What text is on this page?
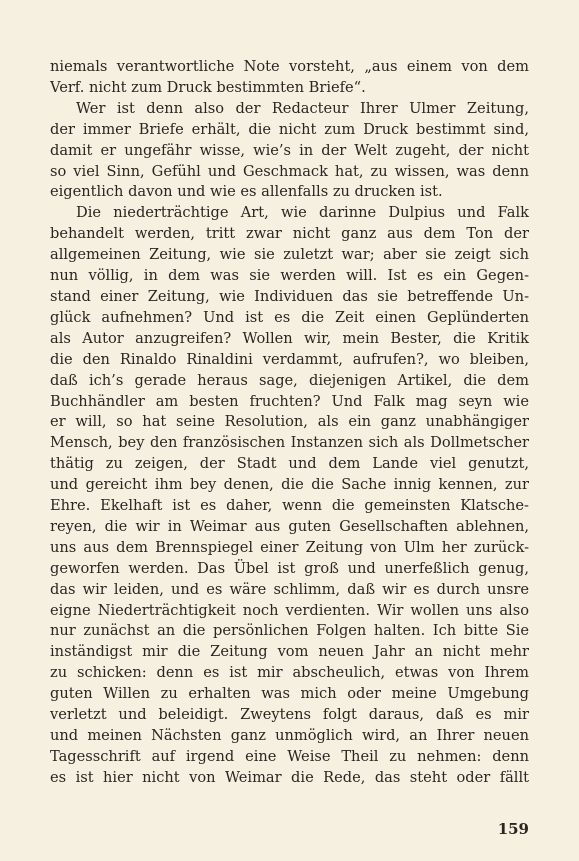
niemals verantwortliche Note vorsteht, „aus einem von dem
Verf. nicht zum Druck bestimmten Briefe“.
Wer ist denn also der Redacteur Ihrer Ulmer Zeitung,
der immer Briefe erhält, die nicht zum Druck bestimmt sind,
damit er ungefähr wisse, wie’s in der Welt zugeht, der nicht
so viel Sinn, Gefühl und Geschmack hat, zu wissen, was denn
eigentlich davon und wie es allenfalls zu drucken ist.
Die niederträchtige Art, wie darinne Dulpius und Falk
behandelt werden, tritt zwar nicht ganz aus dem Ton der
allgemeinen Zeitung, wie sie zuletzt war; aber sie zeigt sich
nun völlig, in dem was sie werden will. Ist es ein Gegen-
stand einer Zeitung, wie Individuen das sie betreffende Un-
glück aufnehmen? Und ist es die Zeit einen Geplünderten
als Autor anzugreifen? Wollen wir, mein Bester, die Kritik
die den Rinaldo Rinaldini verdammt, aufrufen?, wo bleiben,
daß ich’s gerade heraus sage, diejenigen Artikel, die dem
Buchhändler am besten fruchten? Und Falk mag seyn wie
er will, so hat seine Resolution, als ein ganz unabhängiger
Mensch, bey den französischen Instanzen sich als Dollmetscher
thätig zu zeigen, der Stadt und dem Lande viel genutzt,
und gereicht ihm bey denen, die die Sache innig kennen, zur
Ehre. Ekelhaft ist es daher, wenn die gemeinsten Klatsche-
reyen, die wir in Weimar aus guten Gesellschaften ablehnen,
uns aus dem Brennspiegel einer Zeitung von Ulm her zurück-
geworfen werden. Das Übel ist groß und unerfeßlich genug,
das wir leiden, und es wäre schlimm, daß wir es durch unsre
eigne Niederträchtigkeit noch verdienten. Wir wollen uns also
nur zunächst an die persönlichen Folgen halten. Ich bitte Sie
inständigst mir die Zeitung vom neuen Jahr an nicht mehr
zu schicken: denn es ist mir abscheulich, etwas von Ihrem
guten Willen zu erhalten was mich oder meine Umgebung
verletzt und beleidigt. Zweytens folgt daraus, daß es mir
und meinen Nächsten ganz unmöglich wird, an Ihrer neuen
Tagesschrift auf irgend eine Weise Theil zu nehmen: denn
es ist hier nicht von Weimar die Rede, das steht oder fällt
159
